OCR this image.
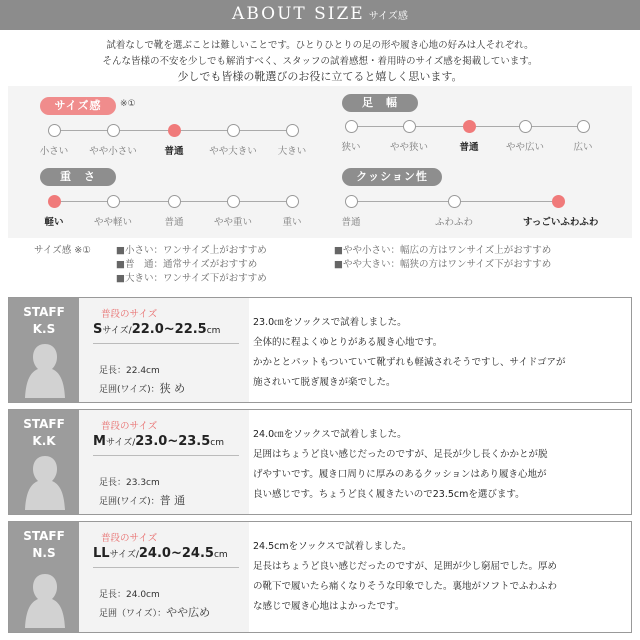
ABOUT SIZE サイズ感
試着なしで靴を選ぶことは難しいことです。ひとりひとりの足の形や履き心地の好みは人それぞれ。
そんな皆様の不安を少しでも解消すべく、スタッフの試着感想・着用時のサイズ感を掲載しています。
少しでも皆様の靴選びのお役に立てると嬉しく思います。
サイズ感	※①	足　幅
重　さ	クッション性
小さい	やや小さい	普通	やや大きい	大きい	狭い	やや狭い	普通	やや広い	広い
軽い	やや軽い	普通	やや重い	重い	普通	ふわふわ	すっごいふわふわ
サイズ感 ※①	■小さい：ワンサイズ上がおすすめ
■普　通：通常サイズがおすすめ
■大きい：ワンサイズ下がおすすめ
■やや小さい：幅広の方はワンサイズ上がおすすめ
■やや大きい：幅狭の方はワンサイズ下がおすすめ
STAFF
K.S
普段のサイズ
Sサイズ/22.0~22.5cm
足長：22.4cm
足囲(ワイズ)：狭 め
23.0㎝をソックスで試着しました。
全体的に程よくゆとりがある履き心地です。
かかととパットもついていて靴ずれも軽減されそうですし、サイドゴアが
施されいて脱ぎ履きが楽でした。
STAFF
K.K
普段のサイズ
Mサイズ/23.0~23.5cm
足長：23.3cm
足囲(ワイズ)：普 通
24.0㎝をソックスで試着しました。
足囲はちょうど良い感じだったのですが、足長が少し長くかかとが脱
げやすいです。履き口周りに厚みのあるクッションはあり履き心地が
良い感じです。ちょうど良く履きたいので23.5cmを選びます。
STAFF
N.S
普段のサイズ
LLサイズ/24.0~24.5cm
足長：24.0cm
足囲（ワイズ）：やや広め
24.5cmをソックスで試着しました。
足長はちょうど良い感じだったのですが、足囲が少し窮屈でした。厚め
の靴下で履いたら痛くなりそうな印象でした。裏地がソフトでふわふわ
な感じで履き心地はよかったです。
